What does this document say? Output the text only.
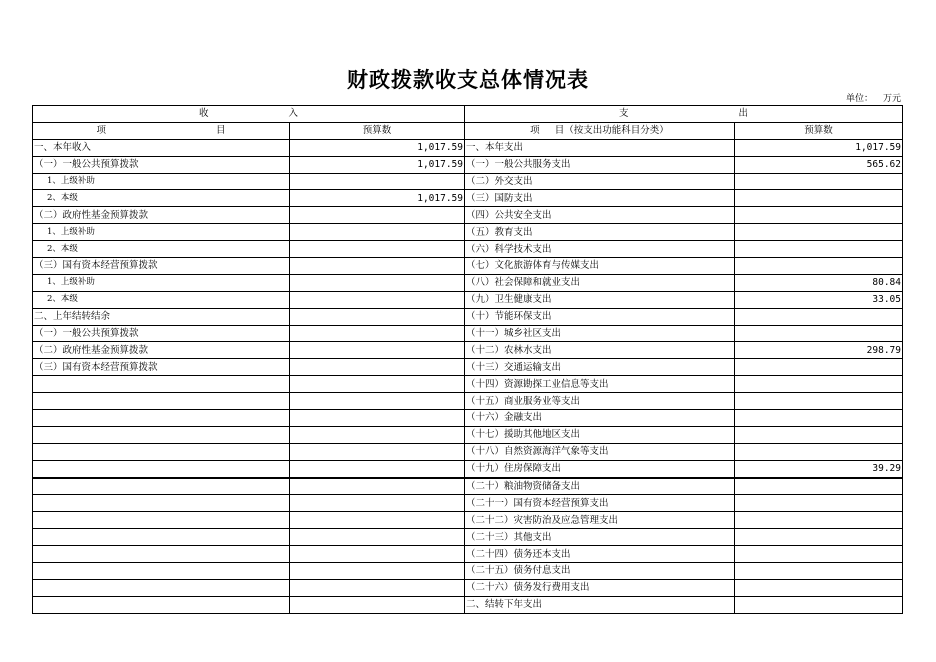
财政拨款收支总体情况表
单位： 万元
收 入		支 出	

项 目	预算数	项 目（按支出功能科目分类）	预算数
一、本年收入	1,017.59	一、本年支出	1,017.59
（一）一般公共预算拨款	1,017.59	（一）一般公共服务支出	565.62
1、上级补助		（二）外交支出	
2、本级	1,017.59	（三）国防支出	
（二）政府性基金预算拨款		（四）公共安全支出	
1、上级补助		（五）教育支出	
2、本级		（六）科学技术支出	
（三）国有资本经营预算拨款		（七）文化旅游体育与传媒支出	
1、上级补助		（八）社会保障和就业支出	80.84
2、本级		（九）卫生健康支出	33.05
二、上年结转结余		（十）节能环保支出	
（一）一般公共预算拨款		（十一）城乡社区支出	
（二）政府性基金预算拨款		（十二）农林水支出	298.79
（三）国有资本经营预算拨款		（十三）交通运输支出	
		（十四）资源勘探工业信息等支出	
		（十五）商业服务业等支出	
		（十六）金融支出	
		（十七）援助其他地区支出	
		（十八）自然资源海洋气象等支出	
		（十九）住房保障支出	39.29
		（二十）粮油物资储备支出	
		（二十一）国有资本经营预算支出	
		（二十二）灾害防治及应急管理支出	
		（二十三）其他支出	
		（二十四）债务还本支出	
		（二十五）债务付息支出	
		（二十六）债务发行费用支出	
		二、结转下年支出	
